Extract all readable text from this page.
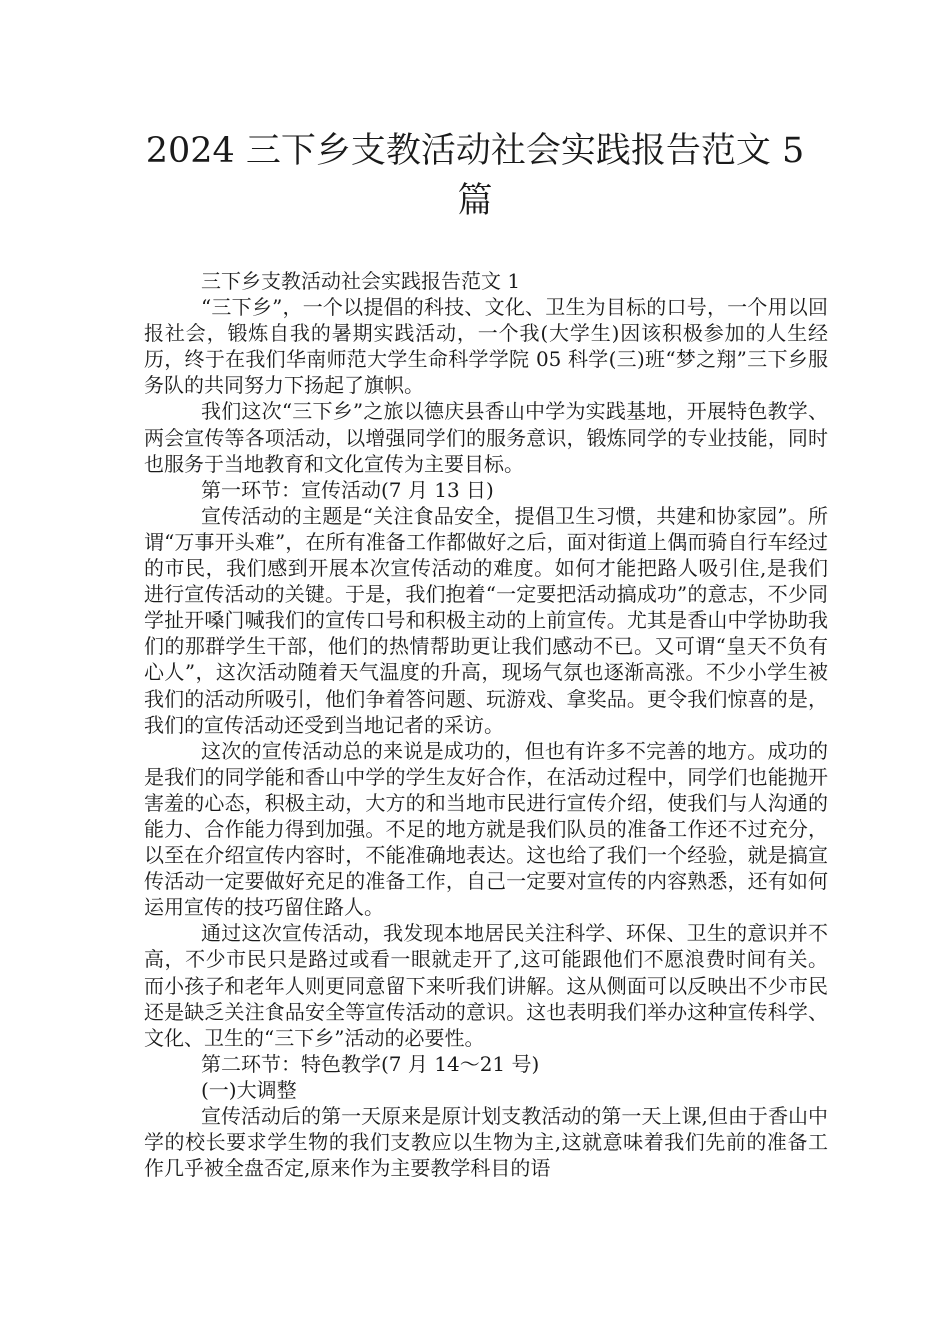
2024 三下乡支教活动社会实践报告范文 5 篇

三下乡支教活动社会实践报告范文 1

“三下乡”，一个以提倡的科技、文化、卫生为目标的口号，一个用以回报社会，锻炼自我的暑期实践活动，一个我(大学生)因该积极参加的人生经历，终于在我们华南师范大学生命科学学院 05 科学(三)班“梦之翔”三下乡服务队的共同努力下扬起了旗帜。

我们这次“三下乡”之旅以德庆县香山中学为实践基地，开展特色教学、两会宣传等各项活动，以增强同学们的服务意识，锻炼同学的专业技能，同时也服务于当地教育和文化宣传为主要目标。

第一环节：宣传活动(7 月 13 日)

宣传活动的主题是“关注食品安全，提倡卫生习惯，共建和协家园”。所谓“万事开头难”，在所有准备工作都做好之后，面对街道上偶而骑自行车经过的市民，我们感到开展本次宣传活动的难度。如何才能把路人吸引住,是我们进行宣传活动的关键。于是，我们抱着“一定要把活动搞成功”的意志，不少同学扯开嗓门喊我们的宣传口号和积极主动的上前宣传。尤其是香山中学协助我们的那群学生干部，他们的热情帮助更让我们感动不已。又可谓“皇天不负有心人”，这次活动随着天气温度的升高，现场气氛也逐渐高涨。不少小学生被我们的活动所吸引，他们争着答问题、玩游戏、拿奖品。更令我们惊喜的是，我们的宣传活动还受到当地记者的采访。

这次的宣传活动总的来说是成功的，但也有许多不完善的地方。成功的是我们的同学能和香山中学的学生友好合作，在活动过程中，同学们也能抛开害羞的心态，积极主动，大方的和当地市民进行宣传介绍，使我们与人沟通的能力、合作能力得到加强。不足的地方就是我们队员的准备工作还不过充分，以至在介绍宣传内容时，不能准确地表达。这也给了我们一个经验，就是搞宣传活动一定要做好充足的准备工作，自己一定要对宣传的内容熟悉，还有如何运用宣传的技巧留住路人。

通过这次宣传活动，我发现本地居民关注科学、环保、卫生的意识并不高，不少市民只是路过或看一眼就走开了,这可能跟他们不愿浪费时间有关。而小孩子和老年人则更同意留下来听我们讲解。这从侧面可以反映出不少市民还是缺乏关注食品安全等宣传活动的意识。这也表明我们举办这种宣传科学、文化、卫生的“三下乡”活动的必要性。

第二环节：特色教学(7 月 14～21 号)

(一)大调整

宣传活动后的第一天原来是原计划支教活动的第一天上课,但由于香山中学的校长要求学生物的我们支教应以生物为主,这就意味着我们先前的准备工作几乎被全盘否定,原来作为主要教学科目的语
